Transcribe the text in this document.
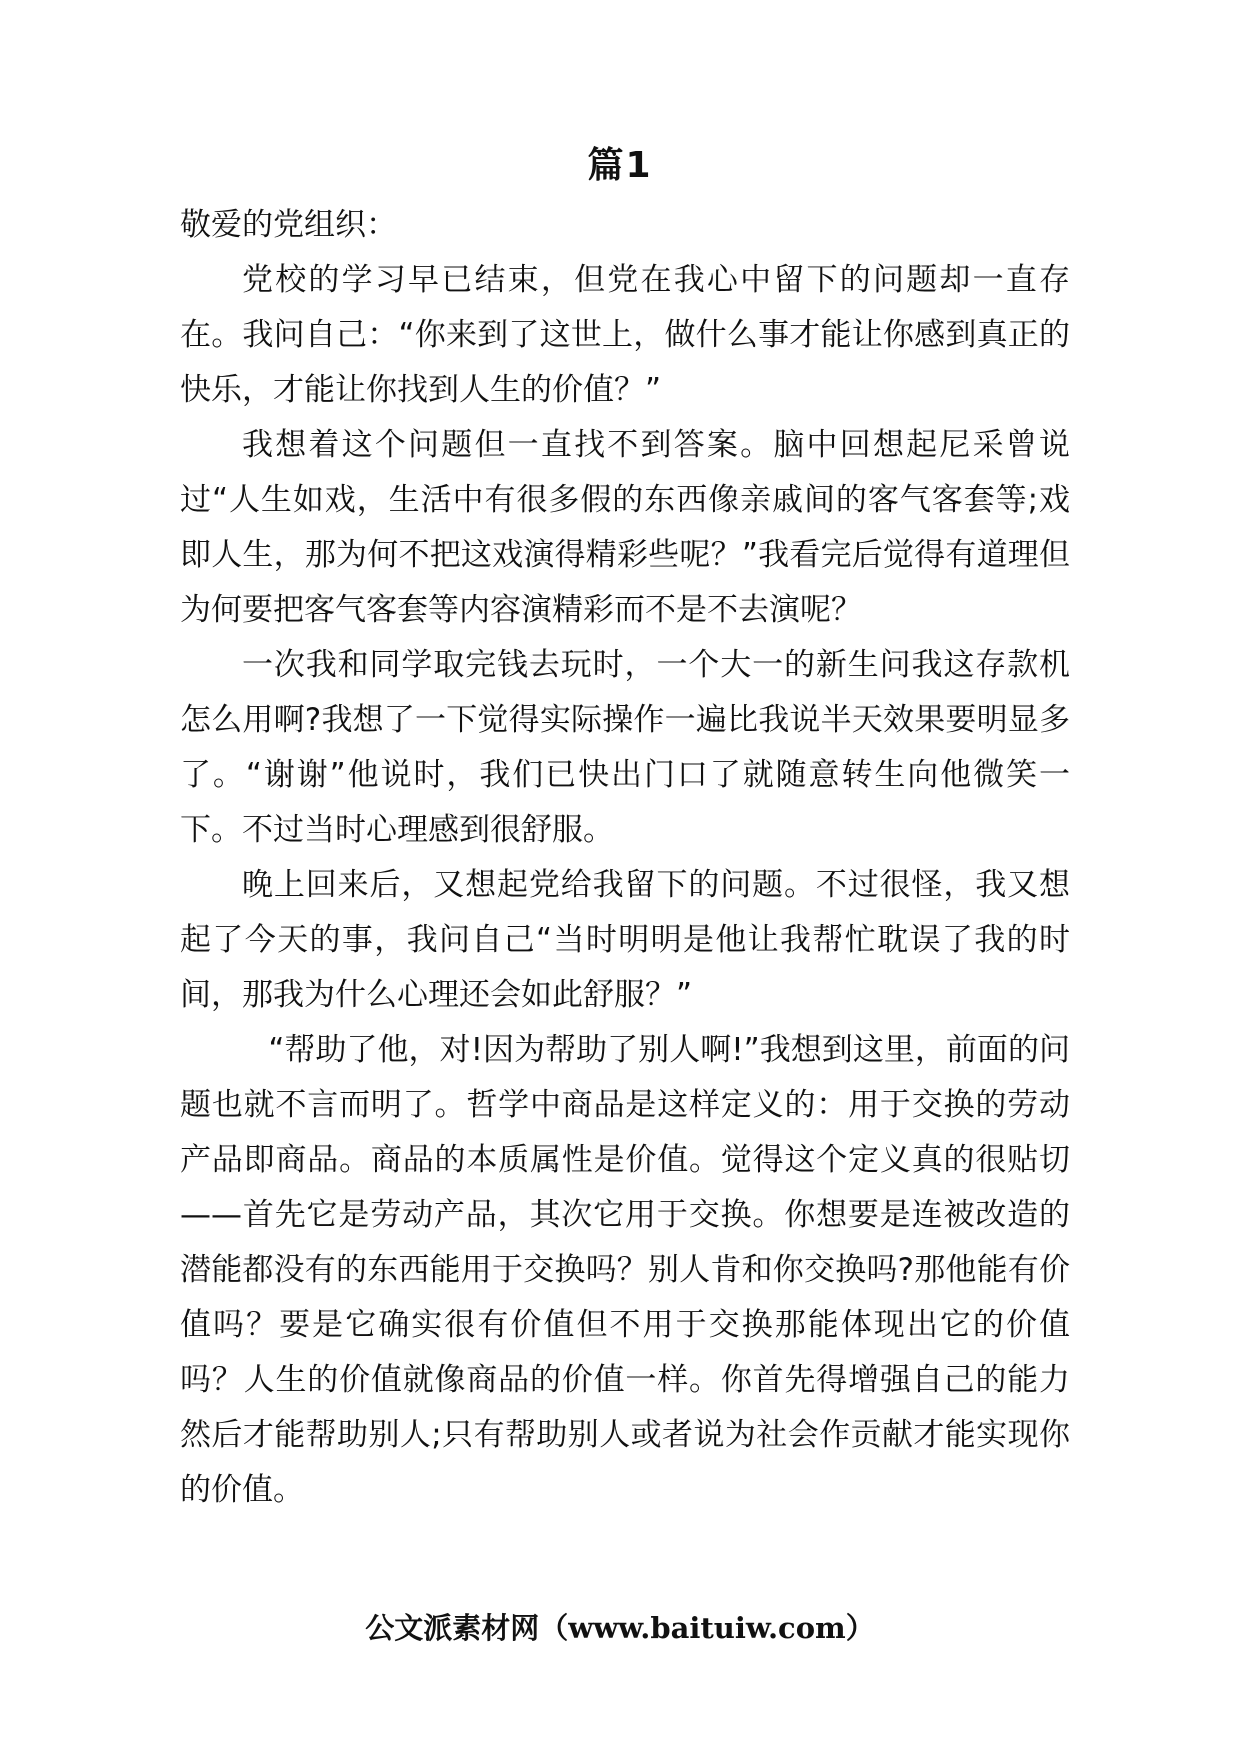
篇1

敬爱的党组织：

党校的学习早已结束，但党在我心中留下的问题却一直存在。我问自己：“你来到了这世上，做什么事才能让你感到真正的快乐，才能让你找到人生的价值？”

我想着这个问题但一直找不到答案。脑中回想起尼采曾说过“人生如戏，生活中有很多假的东西像亲戚间的客气客套等;戏即人生，那为何不把这戏演得精彩些呢？”我看完后觉得有道理但为何要把客气客套等内容演精彩而不是不去演呢？

一次我和同学取完钱去玩时，一个大一的新生问我这存款机怎么用啊?我想了一下觉得实际操作一遍比我说半天效果要明显多了。“谢谢”他说时，我们已快出门口了就随意转生向他微笑一下。不过当时心理感到很舒服。

晚上回来后，又想起党给我留下的问题。不过很怪，我又想起了今天的事，我问自己“当时明明是他让我帮忙耽误了我的时间，那我为什么心理还会如此舒服？”

“帮助了他，对!因为帮助了别人啊!”我想到这里，前面的问题也就不言而明了。哲学中商品是这样定义的：用于交换的劳动产品即商品。商品的本质属性是价值。觉得这个定义真的很贴切——首先它是劳动产品，其次它用于交换。你想要是连被改造的潜能都没有的东西能用于交换吗？别人肯和你交换吗?那他能有价值吗？要是它确实很有价值但不用于交换那能体现出它的价值吗？人生的价值就像商品的价值一样。你首先得增强自己的能力然后才能帮助别人;只有帮助别人或者说为社会作贡献才能实现你的价值。

公文派素材网（www.baituiw.com）
